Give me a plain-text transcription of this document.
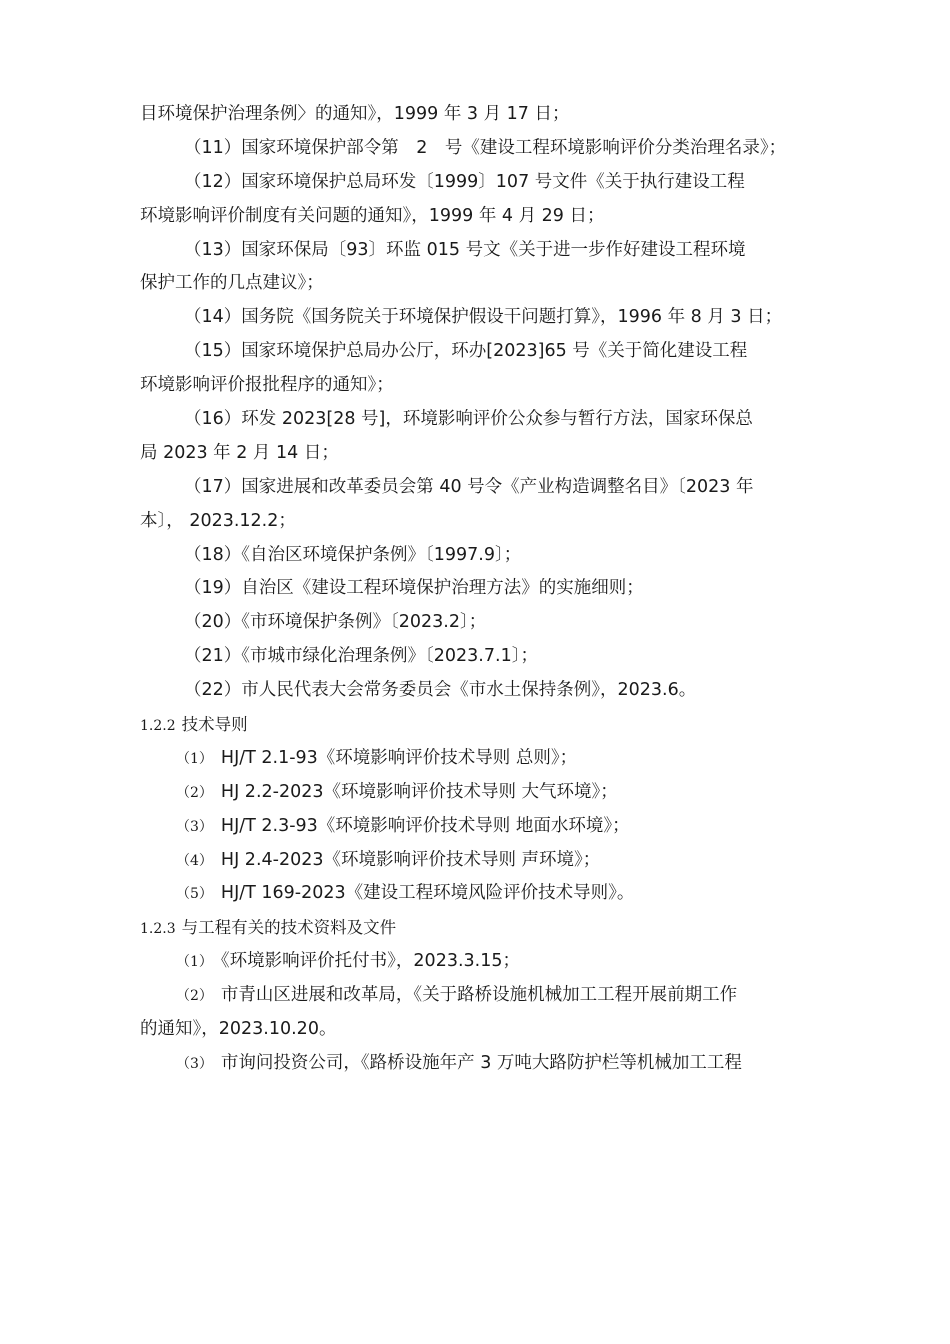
目环境保护治理条例〉的通知》，1999 年 3 月 17 日；
（11）国家环境保护部令第　2　号《建设工程环境影响评价分类治理名录》；
（12）国家环境保护总局环发〔1999〕107 号文件《关于执行建设工程
环境影响评价制度有关问题的通知》，1999 年 4 月 29 日；
（13）国家环保局〔93〕环监 015 号文《关于进一步作好建设工程环境
保护工作的几点建议》；
（14）国务院《国务院关于环境保护假设干问题打算》，1996 年 8 月 3 日；
（15）国家环境保护总局办公厅，环办[2023]65 号《关于简化建设工程
环境影响评价报批程序的通知》；
（16）环发 2023[28 号]，环境影响评价公众参与暂行方法，国家环保总
局 2023 年 2 月 14 日；
（17）国家进展和改革委员会第 40 号令《产业构造调整名目》〔2023 年
本〕， 2023.12.2；
（18）《自治区环境保护条例》〔1997.9〕；
（19）自治区《建设工程环境保护治理方法》的实施细则；
（20）《市环境保护条例》〔2023.2〕；
（21）《市城市绿化治理条例》〔2023.7.1〕；
（22）市人民代表大会常务委员会《市水土保持条例》，2023.6。
1.2.2 技术导则
（1） HJ/T 2.1-93《环境影响评价技术导则 总则》；
（2） HJ 2.2-2023《环境影响评价技术导则 大气环境》；
（3） HJ/T 2.3-93《环境影响评价技术导则 地面水环境》；
（4） HJ 2.4-2023《环境影响评价技术导则 声环境》；
（5） HJ/T 169-2023《建设工程环境风险评价技术导则》。
1.2.3 与工程有关的技术资料及文件
（1） 《环境影响评价托付书》，2023.3.15；
（2） 市青山区进展和改革局，《关于路桥设施机械加工工程开展前期工作
的通知》，2023.10.20。
（3） 市询问投资公司，《路桥设施年产 3 万吨大路防护栏等机械加工工程
